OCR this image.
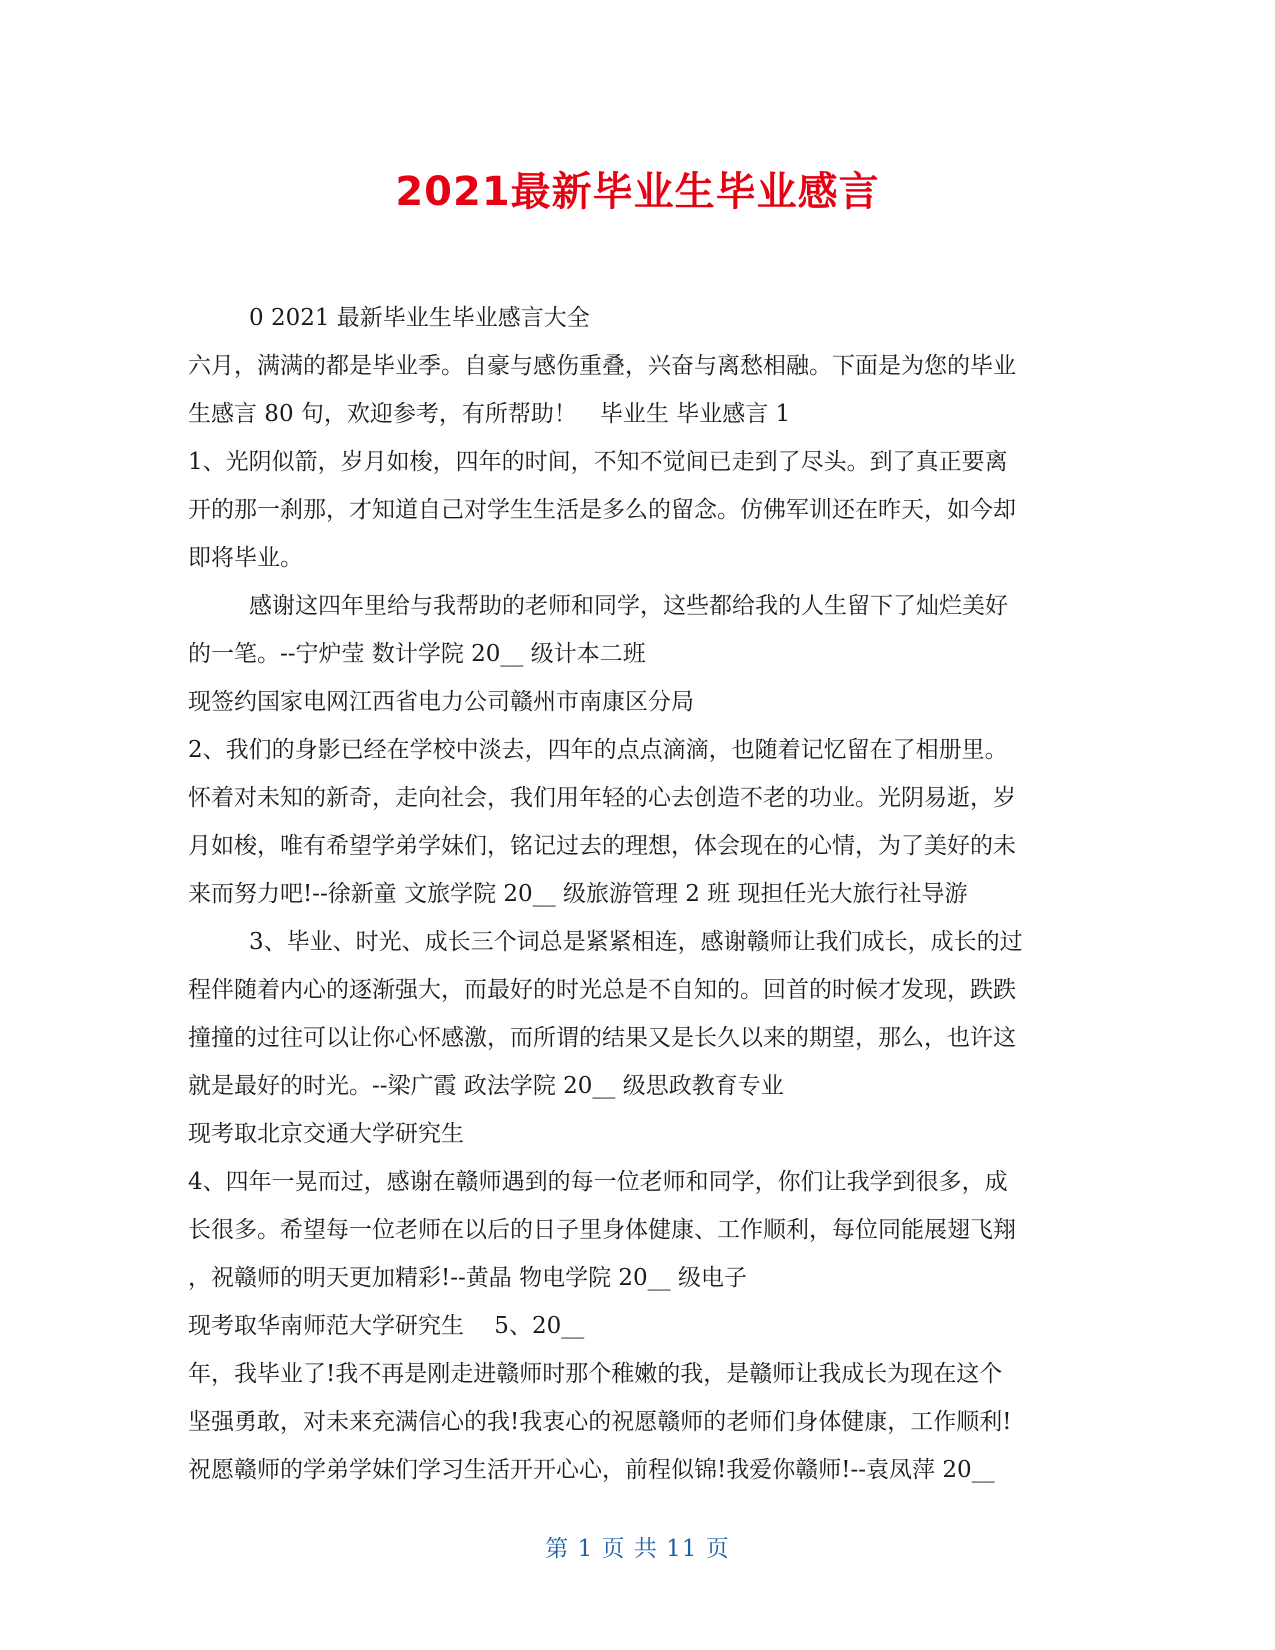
2021最新毕业生毕业感言
0 2021 最新毕业生毕业感言大全
六月，满满的都是毕业季。自豪与感伤重叠，兴奋与离愁相融。下面是为您的毕业
生感言 80 句，欢迎参考，有所帮助！　毕业生 毕业感言 1
1、光阴似箭，岁月如梭，四年的时间，不知不觉间已走到了尽头。到了真正要离
开的那一刹那，才知道自己对学生生活是多么的留念。仿佛军训还在昨天，如今却
即将毕业。
感谢这四年里给与我帮助的老师和同学，这些都给我的人生留下了灿烂美好
的一笔。--宁炉莹 数计学院 20__ 级计本二班
现签约国家电网江西省电力公司赣州市南康区分局
2、我们的身影已经在学校中淡去，四年的点点滴滴，也随着记忆留在了相册里。
怀着对未知的新奇，走向社会，我们用年轻的心去创造不老的功业。光阴易逝，岁
月如梭，唯有希望学弟学妹们，铭记过去的理想，体会现在的心情，为了美好的未
来而努力吧!--徐新童 文旅学院 20__ 级旅游管理 2 班 现担任光大旅行社导游
3、毕业、时光、成长三个词总是紧紧相连，感谢赣师让我们成长，成长的过
程伴随着内心的逐渐强大，而最好的时光总是不自知的。回首的时候才发现，跌跌
撞撞的过往可以让你心怀感激，而所谓的结果又是长久以来的期望，那么，也许这
就是最好的时光。--梁广霞 政法学院 20__ 级思政教育专业
现考取北京交通大学研究生
4、四年一晃而过，感谢在赣师遇到的每一位老师和同学，你们让我学到很多，成
长很多。希望每一位老师在以后的日子里身体健康、工作顺利，每位同能展翅飞翔
，祝赣师的明天更加精彩!--黄晶 物电学院 20__ 级电子
现考取华南师范大学研究生　 5、20__
年，我毕业了!我不再是刚走进赣师时那个稚嫩的我，是赣师让我成长为现在这个
坚强勇敢，对未来充满信心的我!我衷心的祝愿赣师的老师们身体健康，工作顺利!
祝愿赣师的学弟学妹们学习生活开开心心，前程似锦!我爱你赣师!--袁凤萍 20__
第 1 页 共 11 页
